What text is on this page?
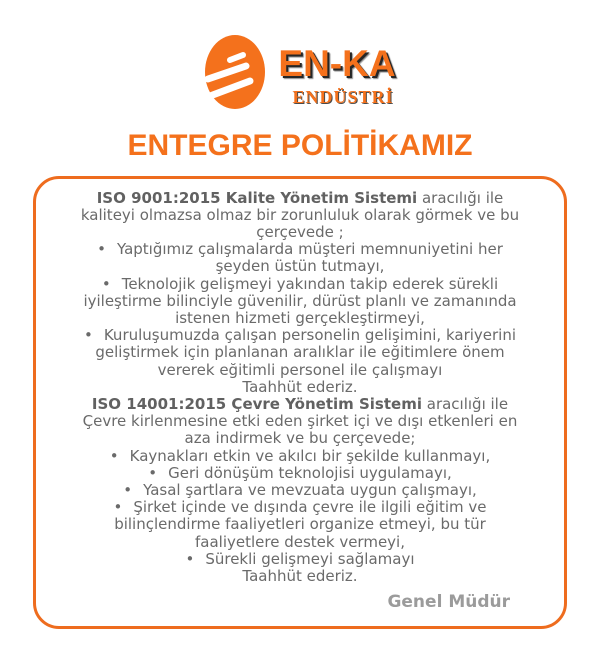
EN-KA
ENDÜSTRİ
ENTEGRE POLİTİKAMIZ
ISO 9001:2015 Kalite Yönetim Sistemi aracılığı ile
kaliteyi olmazsa olmaz bir zorunluluk olarak görmek ve bu
çerçevede ;
• Yaptığımız çalışmalarda müşteri memnuniyetini her
şeyden üstün tutmayı,
• Teknolojik gelişmeyi yakından takip ederek sürekli
iyileştirme bilinciyle güvenilir, dürüst planlı ve zamanında
istenen hizmeti gerçekleştirmeyi,
• Kuruluşumuzda çalışan personelin gelişimini, kariyerini
geliştirmek için planlanan aralıklar ile eğitimlere önem
vererek eğitimli personel ile çalışmayı
Taahhüt ederiz.
ISO 14001:2015 Çevre Yönetim Sistemi aracılığı ile
Çevre kirlenmesine etki eden şirket içi ve dışı etkenleri en
aza indirmek ve bu çerçevede;
• Kaynakları etkin ve akılcı bir şekilde kullanmayı,
• Geri dönüşüm teknolojisi uygulamayı,
• Yasal şartlara ve mevzuata uygun çalışmayı,
• Şirket içinde ve dışında çevre ile ilgili eğitim ve
bilinçlendirme faaliyetleri organize etmeyi, bu tür
faaliyetlere destek vermeyi,
• Sürekli gelişmeyi sağlamayı
Taahhüt ederiz.
Genel Müdür
